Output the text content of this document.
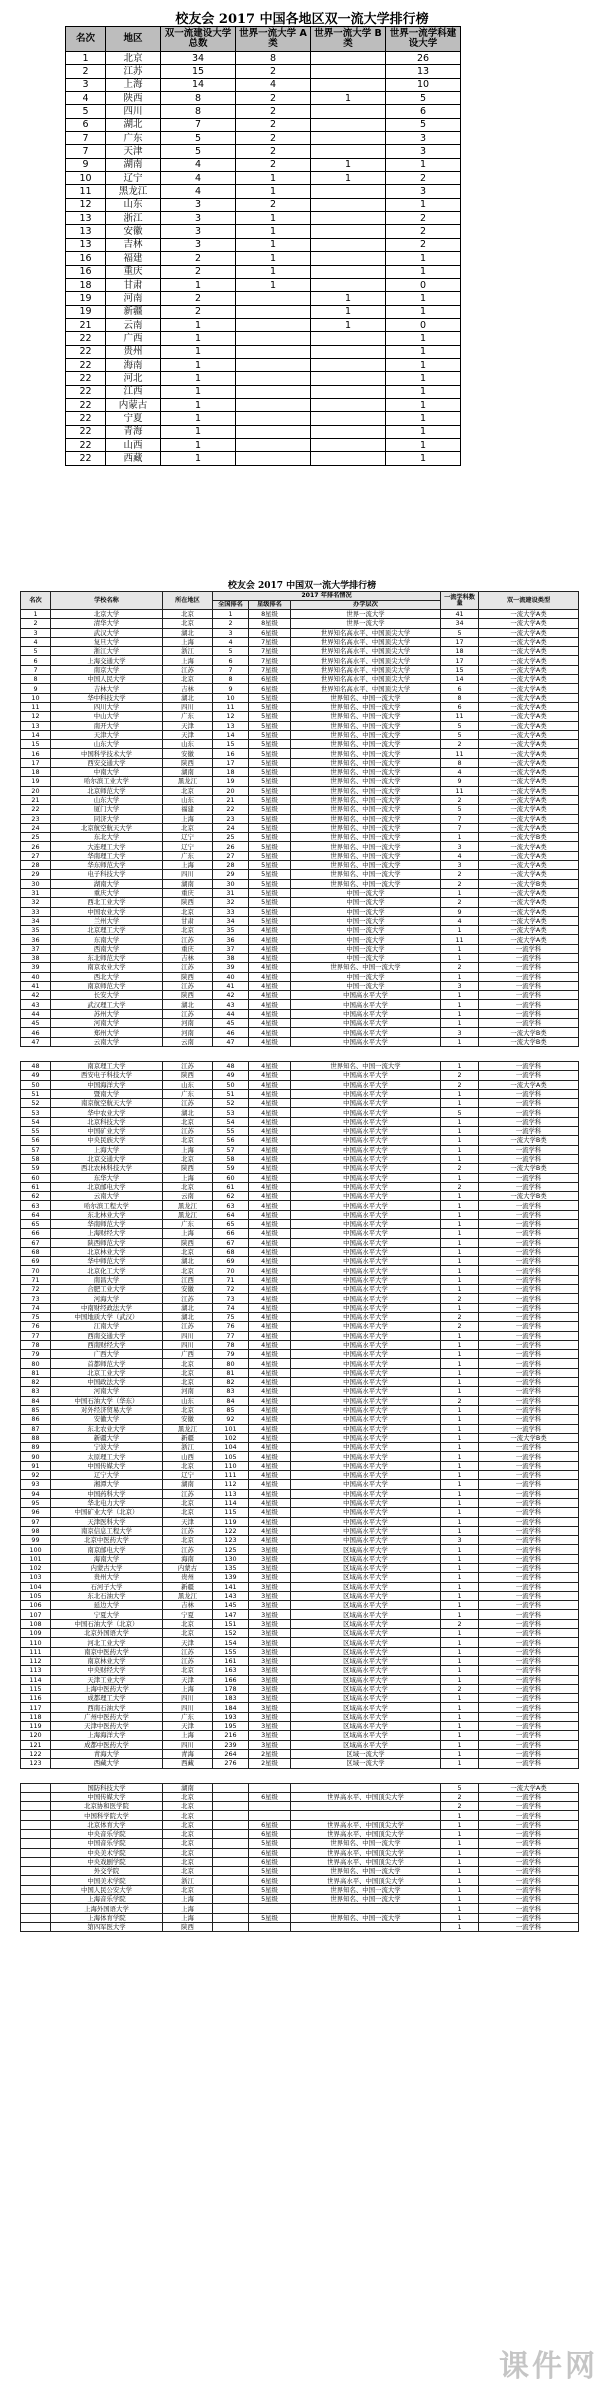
校友会 2017 中国各地区双一流大学排行榜
名次	地区	双一流建设大学总数	世界一流大学 A 类	世界一流大学 B 类	世界一流学科建设大学
1	北京	34	8		26
2	江苏	15	2		13
3	上海	14	4		10
4	陕西	8	2	1	5
5	四川	8	2		6
6	湖北	7	2		5
7	广东	5	2		3
7	天津	5	2		3
9	湖南	4	2	1	1
10	辽宁	4	1	1	2
11	黑龙江	4	1		3
12	山东	3	2		1
13	浙江	3	1		2
13	安徽	3	1		2
13	吉林	3	1		2
16	福建	2	1		1
16	重庆	2	1		1
18	甘肃	1	1		0
19	河南	2		1	1
19	新疆	2		1	1
21	云南	1		1	0
22	广西	1			1
22	贵州	1			1
22	海南	1			1
22	河北	1			1
22	江西	1			1
22	内蒙古	1			1
22	宁夏	1			1
22	青海	1			1
22	山西	1			1
22	西藏	1			1
校友会 2017 中国双一流大学排行榜
名次	学校名称	所在地区	2017 年排名情况			一流学科数量	双一流建设类型
			全国排名	星级排名	办学层次		
1	北京大学	北京	1	8星级	世界一流大学	41	一流大学A类
2	清华大学	北京	2	8星级	世界一流大学	34	一流大学A类
3	武汉大学	湖北	3	6星级	世界知名高水平、中国顶尖大学	5	一流大学A类
4	复旦大学	上海	4	7星级	世界知名高水平、中国顶尖大学	17	一流大学A类
5	浙江大学	浙江	5	7星级	世界知名高水平、中国顶尖大学	18	一流大学A类
6	上海交通大学	上海	6	7星级	世界知名高水平、中国顶尖大学	17	一流大学A类
7	南京大学	江苏	7	7星级	世界知名高水平、中国顶尖大学	15	一流大学A类
8	中国人民大学	北京	8	6星级	世界知名高水平、中国顶尖大学	14	一流大学A类
9	吉林大学	吉林	9	6星级	世界知名高水平、中国顶尖大学	6	一流大学A类
10	华中科技大学	湖北	10	5星级	世界知名、中国一流大学	8	一流大学A类
11	四川大学	四川	11	5星级	世界知名、中国一流大学	6	一流大学A类
12	中山大学	广东	12	5星级	世界知名、中国一流大学	11	一流大学A类
13	南开大学	天津	13	5星级	世界知名、中国一流大学	5	一流大学A类
14	天津大学	天津	14	5星级	世界知名、中国一流大学	5	一流大学A类
15	山东大学	山东	15	5星级	世界知名、中国一流大学	2	一流大学A类
16	中国科学技术大学	安徽	16	5星级	世界知名、中国一流大学	11	一流大学A类
17	西安交通大学	陕西	17	5星级	世界知名、中国一流大学	8	一流大学A类
18	中南大学	湖南	18	5星级	世界知名、中国一流大学	4	一流大学A类
19	哈尔滨工业大学	黑龙江	19	5星级	世界知名、中国一流大学	9	一流大学A类
20	北京师范大学	北京	20	5星级	世界知名、中国一流大学	11	一流大学A类
21	山东大学	山东	21	5星级	世界知名、中国一流大学	2	一流大学A类
22	厦门大学	福建	22	5星级	世界知名、中国一流大学	5	一流大学A类
23	同济大学	上海	23	5星级	世界知名、中国一流大学	7	一流大学A类
24	北京航空航天大学	北京	24	5星级	世界知名、中国一流大学	7	一流大学A类
25	东北大学	辽宁	25	5星级	世界知名、中国一流大学	1	一流大学B类
26	大连理工大学	辽宁	26	5星级	世界知名、中国一流大学	3	一流大学A类
27	华南理工大学	广东	27	5星级	世界知名、中国一流大学	4	一流大学A类
28	华东师范大学	上海	28	5星级	世界知名、中国一流大学	3	一流大学A类
29	电子科技大学	四川	29	5星级	世界知名、中国一流大学	2	一流大学A类
30	湖南大学	湖南	30	5星级	世界知名、中国一流大学	2	一流大学B类
31	重庆大学	重庆	31	5星级	中国一流大学	1	一流大学A类
32	西北工业大学	陕西	32	5星级	中国一流大学	2	一流大学A类
33	中国农业大学	北京	33	5星级	中国一流大学	9	一流大学A类
34	兰州大学	甘肃	34	5星级	中国一流大学	4	一流大学A类
35	北京理工大学	北京	35	4星级	中国一流大学	1	一流大学A类
36	东南大学	江苏	36	4星级	中国一流大学	11	一流大学A类
37	西南大学	重庆	37	4星级	中国一流大学	1	一流学科
38	东北师范大学	吉林	38	4星级	中国一流大学	1	一流学科
39	南京农业大学	江苏	39	4星级	世界知名、中国一流大学	2	一流学科
40	西北大学	陕西	40	4星级	中国一流大学	1	一流学科
41	南京师范大学	江苏	41	4星级	中国一流大学	3	一流学科
42	长安大学	陕西	42	4星级	中国高水平大学	1	一流学科
43	武汉理工大学	湖北	43	4星级	中国高水平大学	1	一流学科
44	苏州大学	江苏	44	4星级	中国高水平大学	1	一流学科
45	河南大学	河南	45	4星级	中国高水平大学	1	一流学科
46	郑州大学	河南	46	4星级	中国高水平大学	3	一流大学B类
47	云南大学	云南	47	4星级	中国高水平大学	1	一流大学B类

48	南京理工大学	江苏	48	4星级	世界知名、中国一流大学	1	一流学科
49	西安电子科技大学	陕西	49	4星级	中国高水平大学	2	一流学科
50	中国海洋大学	山东	50	4星级	中国高水平大学	2	一流大学A类
51	暨南大学	广东	51	4星级	中国高水平大学	1	一流学科
52	南京航空航天大学	江苏	52	4星级	中国高水平大学	1	一流学科
53	华中农业大学	湖北	53	4星级	中国高水平大学	5	一流学科
54	北京科技大学	北京	54	4星级	中国高水平大学	1	一流学科
55	中国矿业大学	江苏	55	4星级	中国高水平大学	1	一流学科
56	中央民族大学	北京	56	4星级	中国高水平大学	1	一流大学B类
57	上海大学	上海	57	4星级	中国高水平大学	1	一流学科
58	北京交通大学	北京	58	4星级	中国高水平大学	1	一流学科
59	西北农林科技大学	陕西	59	4星级	中国高水平大学	2	一流大学B类
60	东华大学	上海	60	4星级	中国高水平大学	1	一流学科
61	北京邮电大学	北京	61	4星级	中国高水平大学	2	一流学科
62	云南大学	云南	62	4星级	中国高水平大学	1	一流大学B类
63	哈尔滨工程大学	黑龙江	63	4星级	中国高水平大学	1	一流学科
64	东北林业大学	黑龙江	64	4星级	中国高水平大学	1	一流学科
65	华南师范大学	广东	65	4星级	中国高水平大学	1	一流学科
66	上海财经大学	上海	66	4星级	中国高水平大学	1	一流学科
67	陕西师范大学	陕西	67	4星级	中国高水平大学	1	一流学科
68	北京林业大学	北京	68	4星级	中国高水平大学	1	一流学科
69	华中师范大学	湖北	69	4星级	中国高水平大学	1	一流学科
70	北京化工大学	北京	70	4星级	中国高水平大学	1	一流学科
71	南昌大学	江西	71	4星级	中国高水平大学	1	一流学科
72	合肥工业大学	安徽	72	4星级	中国高水平大学	1	一流学科
73	河海大学	江苏	73	4星级	中国高水平大学	2	一流学科
74	中南财经政法大学	湖北	74	4星级	中国高水平大学	1	一流学科
75	中国地质大学（武汉）	湖北	75	4星级	中国高水平大学	2	一流学科
76	江南大学	江苏	76	4星级	中国高水平大学	2	一流学科
77	西南交通大学	四川	77	4星级	中国高水平大学	1	一流学科
78	西南财经大学	四川	78	4星级	中国高水平大学	1	一流学科
79	广西大学	广西	79	4星级	中国高水平大学	1	一流学科
80	首都师范大学	北京	80	4星级	中国高水平大学	1	一流学科
81	北京工业大学	北京	81	4星级	中国高水平大学	1	一流学科
82	中国政法大学	北京	82	4星级	中国高水平大学	1	一流学科
83	河南大学	河南	83	4星级	中国高水平大学	1	一流学科
84	中国石油大学（华东）	山东	84	4星级	中国高水平大学	2	一流学科
85	对外经济贸易大学	北京	85	4星级	中国高水平大学	1	一流学科
86	安徽大学	安徽	92	4星级	中国高水平大学	1	一流学科
87	东北农业大学	黑龙江	101	4星级	中国高水平大学	1	一流学科
88	新疆大学	新疆	102	4星级	中国高水平大学	1	一流大学B类
89	宁波大学	浙江	104	4星级	中国高水平大学	1	一流学科
90	太原理工大学	山西	105	4星级	中国高水平大学	1	一流学科
91	中国传媒大学	北京	110	4星级	中国高水平大学	1	一流学科
92	辽宁大学	辽宁	111	4星级	中国高水平大学	1	一流学科
93	湘潭大学	湖南	112	4星级	中国高水平大学	1	一流学科
94	中国药科大学	江苏	113	4星级	中国高水平大学	1	一流学科
95	华北电力大学	北京	114	4星级	中国高水平大学	1	一流学科
96	中国矿业大学（北京）	北京	115	4星级	中国高水平大学	1	一流学科
97	天津医科大学	天津	119	4星级	中国高水平大学	1	一流学科
98	南京信息工程大学	江苏	122	4星级	中国高水平大学	1	一流学科
99	北京中医药大学	北京	123	4星级	中国高水平大学	3	一流学科
100	南京邮电大学	江苏	125	3星级	区域高水平大学	1	一流学科
101	海南大学	海南	130	3星级	区域高水平大学	1	一流学科
102	内蒙古大学	内蒙古	135	3星级	区域高水平大学	1	一流学科
103	贵州大学	贵州	139	3星级	区域高水平大学	1	一流学科
104	石河子大学	新疆	141	3星级	区域高水平大学	1	一流学科
105	东北石油大学	黑龙江	143	3星级	区域高水平大学	1	一流学科
106	延边大学	吉林	145	3星级	区域高水平大学	1	一流学科
107	宁夏大学	宁夏	147	3星级	区域高水平大学	1	一流学科
108	中国石油大学（北京）	北京	151	3星级	区域高水平大学	2	一流学科
109	北京外国语大学	北京	152	3星级	区域高水平大学	1	一流学科
110	河北工业大学	天津	154	3星级	区域高水平大学	1	一流学科
111	南京中医药大学	江苏	155	3星级	区域高水平大学	1	一流学科
112	南京林业大学	江苏	161	3星级	区域高水平大学	1	一流学科
113	中央财经大学	北京	163	3星级	区域高水平大学	1	一流学科
114	天津工业大学	天津	166	3星级	区域高水平大学	1	一流学科
115	上海中医药大学	上海	178	3星级	区域高水平大学	2	一流学科
116	成都理工大学	四川	183	3星级	区域高水平大学	1	一流学科
117	西南石油大学	四川	184	3星级	区域高水平大学	1	一流学科
118	广州中医药大学	广东	193	3星级	区域高水平大学	1	一流学科
119	天津中医药大学	天津	195	3星级	区域高水平大学	1	一流学科
120	上海海洋大学	上海	216	3星级	区域高水平大学	1	一流学科
121	成都中医药大学	四川	239	3星级	区域高水平大学	1	一流学科
122	青海大学	青海	264	2星级	区域一流大学	1	一流学科
123	西藏大学	西藏	276	2星级	区域一流大学	1	一流学科

	国防科技大学	湖南				5	一流大学A类
	中国传媒大学	北京		6星级	世界高水平、中国顶尖大学	2	一流学科
	北京协和医学院	北京				2	一流学科
	中国科学院大学	北京				1	一流学科
	北京体育大学	北京		6星级	世界高水平、中国顶尖大学	1	一流学科
	中央音乐学院	北京		6星级	世界高水平、中国顶尖大学	1	一流学科
	中国音乐学院	北京		5星级	世界知名、中国一流大学	1	一流学科
	中央美术学院	北京		6星级	世界高水平、中国顶尖大学	1	一流学科
	中央戏剧学院	北京		6星级	世界高水平、中国顶尖大学	1	一流学科
	外交学院	北京		5星级	世界知名、中国一流大学	1	一流学科
	中国美术学院	浙江		6星级	世界高水平、中国顶尖大学	1	一流学科
	中国人民公安大学	北京		5星级	世界知名、中国一流大学	1	一流学科
	上海音乐学院	上海		5星级	世界知名、中国一流大学	1	一流学科
	上海外国语大学	上海				1	一流学科
	上海体育学院	上海		5星级	世界知名、中国一流大学	1	一流学科
	第四军医大学	陕西				1	一流学科
课件网
